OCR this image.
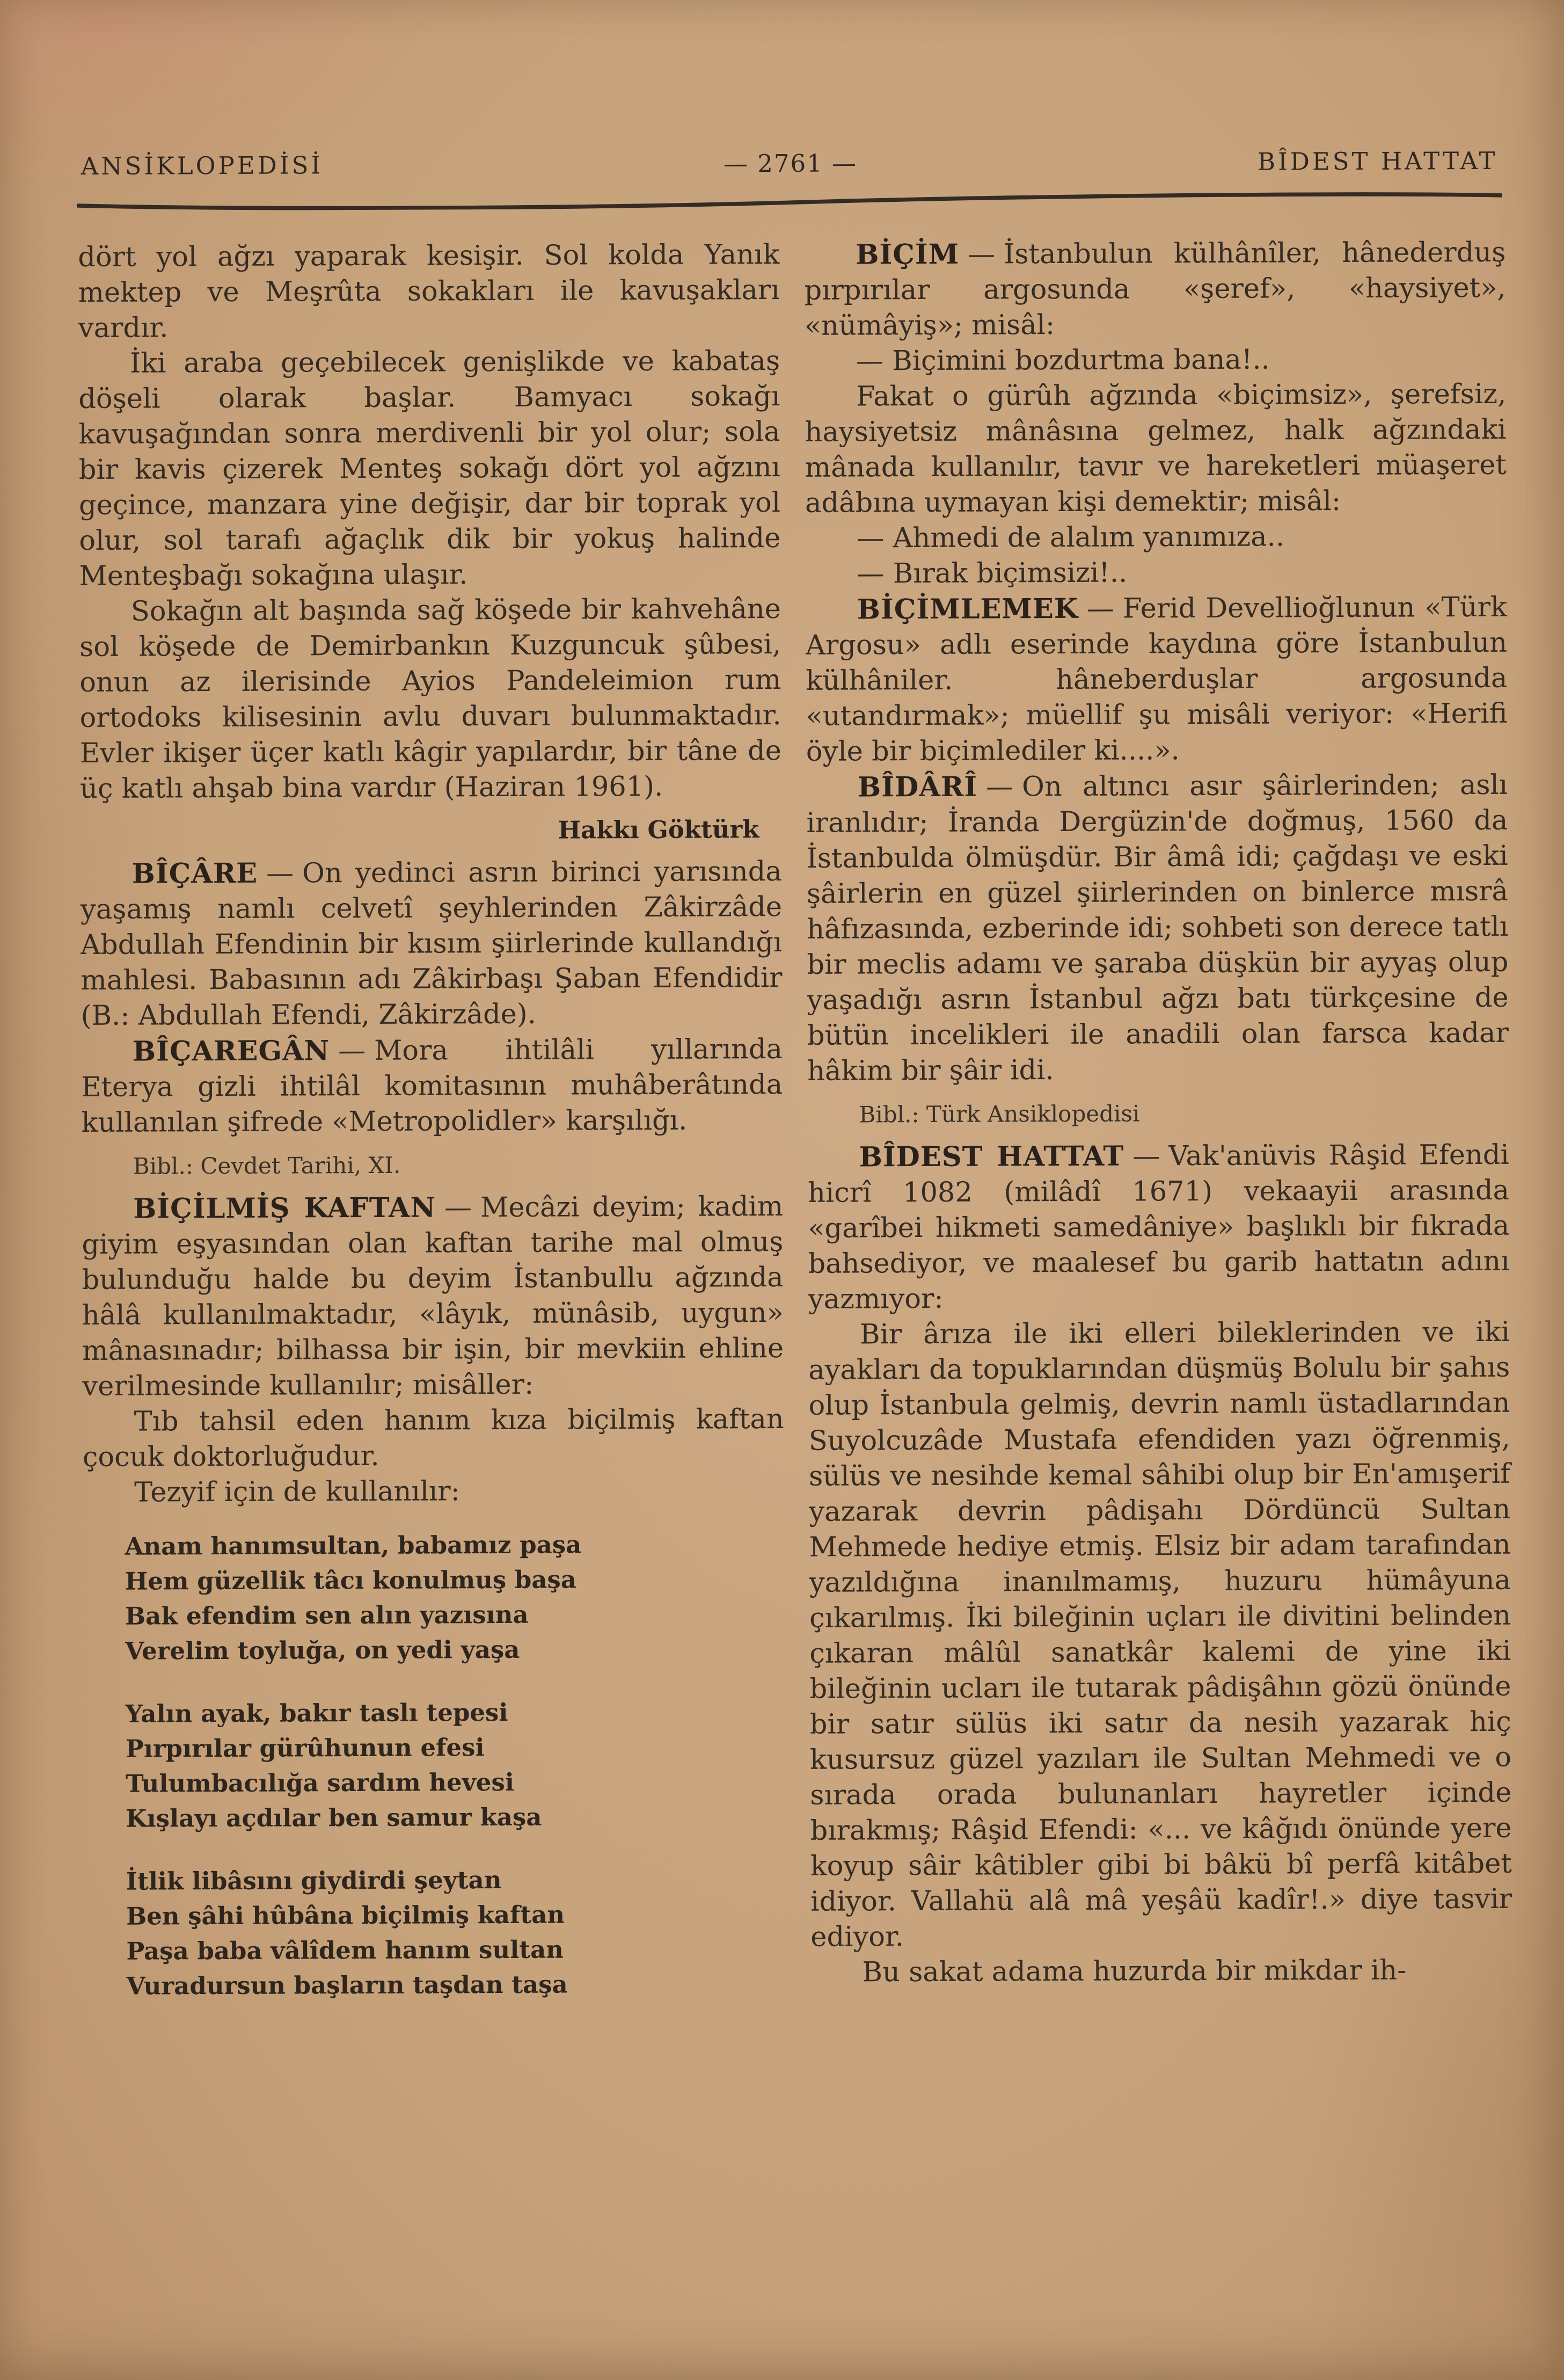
ANSİKLOPEDİSİ	— 2761 —	BÎDEST HATTAT

dört yol ağzı yaparak kesişir. Sol kolda Yanık mektep ve Meşrûta sokakları ile kavuşakları vardır.

İki araba geçebilecek genişlikde ve kabataş döşeli olarak başlar. Bamyacı sokağı kavuşağından sonra merdivenli bir yol olur; sola bir kavis çizerek Menteş sokağı dört yol ağzını geçince, manzara yine değişir, dar bir toprak yol olur, sol tarafı ağaçlık dik bir yokuş halinde Menteşbağı sokağına ulaşır.

Sokağın alt başında sağ köşede bir kahvehâne sol köşede de Demirbankın Kuzguncuk şûbesi, onun az ilerisinde Ayios Pandeleimion rum ortodoks kilisesinin avlu duvarı bulunmaktadır. Evler ikişer üçer katlı kâgir yapılardır, bir tâne de üç katlı ahşab bina vardır (Haziran 1961).

Hakkı Göktürk

BÎÇÂRE — On yedinci asrın birinci yarısında yaşamış namlı celvetî şeyhlerinden Zâkirzâde Abdullah Efendinin bir kısım şiirlerinde kullandığı mahlesi. Babasının adı Zâkirbaşı Şaban Efendidir (B.: Abdullah Efendi, Zâkirzâde).

BÎÇAREGÂN — Mora ihtilâli yıllarında Eterya gizli ihtilâl komitasının muhâberâtında kullanılan şifrede «Metropolidler» karşılığı.

Bibl.: Cevdet Tarihi, XI.

BİÇİLMİŞ KAFTAN — Mecâzi deyim; kadim giyim eşyasından olan kaftan tarihe mal olmuş bulunduğu halde bu deyim İstanbullu ağzında hâlâ kullanılmaktadır, «lâyık, münâsib, uygun» mânasınadır; bilhassa bir işin, bir mevkiin ehline verilmesinde kullanılır; misâller:

Tıb tahsil eden hanım kıza biçilmiş kaftan çocuk doktorluğudur.

Tezyif için de kullanılır:

Anam hanımsultan, babamız paşa
Hem güzellik tâcı konulmuş başa
Bak efendim sen alın yazısına
Verelim toyluğa, on yedi yaşa
Yalın ayak, bakır taslı tepesi
Pırpırılar gürûhunun efesi
Tulumbacılığa sardım hevesi
Kışlayı açdılar ben samur kaşa
İtlik libâsını giydirdi şeytan
Ben şâhi hûbâna biçilmiş kaftan
Paşa baba vâlîdem hanım sultan
Vuradursun başların taşdan taşa

BİÇİM — İstanbulun külhânîler, hânederduş pırpırılar argosunda «şeref», «haysiyet», «nümâyiş»; misâl:

— Biçimini bozdurtma bana!..

Fakat o gürûh ağzında «biçimsiz», şerefsiz, haysiyetsiz mânâsına gelmez, halk ağzındaki mânada kullanılır, tavır ve hareketleri müaşeret adâbına uymayan kişi demektir; misâl:

— Ahmedi de alalım yanımıza..

— Bırak biçimsizi!..

BİÇİMLEMEK — Ferid Devellioğlunun «Türk Argosu» adlı eserinde kaydına göre İstanbulun külhâniler. hâneberduşlar argosunda «utandırmak»; müellif şu misâli veriyor: «Herifi öyle bir biçimlediler ki....».

BÎDÂRÎ — On altıncı asır şâirlerinden; aslı iranlıdır; İranda Dergüzin'de doğmuş, 1560 da İstanbulda ölmüşdür. Bir âmâ idi; çağdaşı ve eski şâirlerin en güzel şiirlerinden on binlerce mısrâ hâfızasında, ezberinde idi; sohbeti son derece tatlı bir meclis adamı ve şaraba düşkün bir ayyaş olup yaşadığı asrın İstanbul ağzı batı türkçesine de bütün incelikleri ile anadili olan farsca kadar hâkim bir şâir idi.

Bibl.: Türk Ansiklopedisi

BÎDEST HATTAT — Vak'anüvis Râşid Efendi hicrî 1082 (milâdî 1671) vekaayii arasında «garîbei hikmeti samedâniye» başlıklı bir fıkrada bahsediyor, ve maalesef bu garib hattatın adını yazmıyor:

Bir ârıza ile iki elleri bileklerinden ve iki ayakları da topuklarından düşmüş Bolulu bir şahıs olup İstanbula gelmiş, devrin namlı üstadlarından Suyolcuzâde Mustafa efendiden yazı öğrenmiş, sülüs ve nesihde kemal sâhibi olup bir En'amışerif yazarak devrin pâdişahı Dördüncü Sultan Mehmede hediye etmiş. Elsiz bir adam tarafından yazıldığına inanılmamış, huzuru hümâyuna çıkarılmış. İki bileğinin uçları ile divitini belinden çıkaran mâlûl sanatkâr kalemi de yine iki bileğinin ucları ile tutarak pâdişâhın gözü önünde bir satır sülüs iki satır da nesih yazarak hiç kusursuz güzel yazıları ile Sultan Mehmedi ve o sırada orada bulunanları hayretler içinde bırakmış; Râşid Efendi: «... ve kâğıdı önünde yere koyup sâir kâtibler gibi bi bâkü bî perfâ kitâbet idiyor. Vallahü alâ mâ yeşâü kadîr!.» diye tasvir ediyor.

Bu sakat adama huzurda bir mikdar ih-
